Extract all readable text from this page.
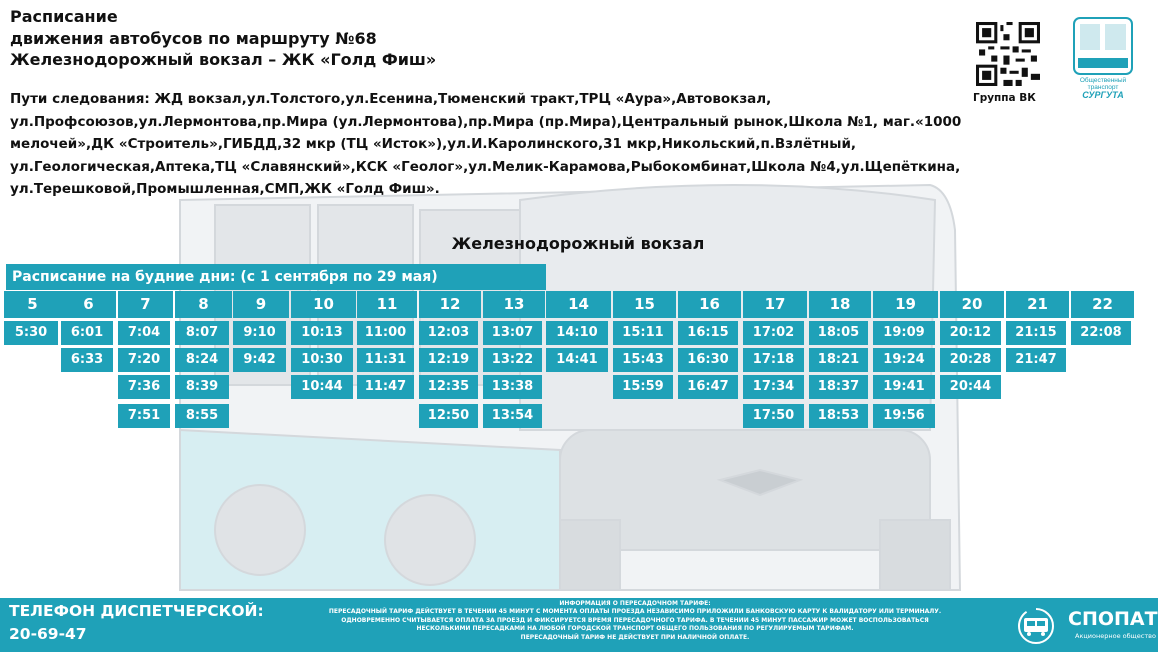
Расписание
движения автобусов по маршруту №68
Железнодорожный вокзал – ЖК «Голд Фиш»
Пути следования: ЖД вокзал,ул.Толстого,ул.Есенина,Тюменский тракт,ТРЦ «Аура»,Автовокзал, ул.Профсоюзов,ул.Лермонтова,пр.Мира (ул.Лермонтова),пр.Мира (пр.Мира),Центральный рынок,Школа №1, маг.«1000 мелочей»,ДК «Строитель»,ГИБДД,32 мкр (ТЦ «Исток»),ул.И.Каролинского,31 мкр,Никольский,п.Взлётный, ул.Геологическая,Аптека,ТЦ «Славянский»,КСК «Геолог»,ул.Мелик-Карамова,Рыбокомбинат,Школа №4,ул.Щепёткина, ул.Терешковой,Промышленная,СМП,ЖК «Голд Фиш».
Группа ВК
Общественный
транспорт
СУРГУТА
Железнодорожный вокзал
Расписание на будние дни: (с 1 сентября по 29 мая)
5
5:30
6
6:01
6:33
7
7:04
7:20
7:36
7:51
8
8:07
8:24
8:39
8:55
9
9:10
9:42
10
10:13
10:30
10:44
11
11:00
11:31
11:47
12
12:03
12:19
12:35
12:50
13
13:07
13:22
13:38
13:54
14
14:10
14:41
15
15:11
15:43
15:59
16
16:15
16:30
16:47
17
17:02
17:18
17:34
17:50
18
18:05
18:21
18:37
18:53
19
19:09
19:24
19:41
19:56
20
20:12
20:28
20:44
21
21:15
21:47
22
22:08
ТЕЛЕФОН ДИСПЕТЧЕРСКОЙ:
20-69-47
ИНФОРМАЦИЯ О ПЕРЕСАДОЧНОМ ТАРИФЕ:
ПЕРЕСАДОЧНЫЙ ТАРИФ ДЕЙСТВУЕТ В ТЕЧЕНИИ 45 МИНУТ С МОМЕНТА ОПЛАТЫ ПРОЕЗДА НЕЗАВИСИМО ПРИЛОЖИЛИ БАНКОВСКУЮ КАРТУ К ВАЛИДАТОРУ ИЛИ ТЕРМИНАЛУ.
ОДНОВРЕМЕННО СЧИТЫВАЕТСЯ ОПЛАТА ЗА ПРОЕЗД И ФИКСИРУЕТСЯ ВРЕМЯ ПЕРЕСАДОЧНОГО ТАРИФА. В ТЕЧЕНИИ 45 МИНУТ ПАССАЖИР МОЖЕТ ВОСПОЛЬЗОВАТЬСЯ
НЕСКОЛЬКИМИ ПЕРЕСАДКАМИ НА ЛЮБОЙ ГОРОДСКОЙ ТРАНСПОРТ ОБЩЕГО ПОЛЬЗОВАНИЯ ПО РЕГУЛИРУЕМЫМ ТАРИФАМ.
ПЕРЕСАДОЧНЫЙ ТАРИФ НЕ ДЕЙСТВУЕТ ПРИ НАЛИЧНОЙ ОПЛАТЕ.
СПОПАТ
Акционерное общество
